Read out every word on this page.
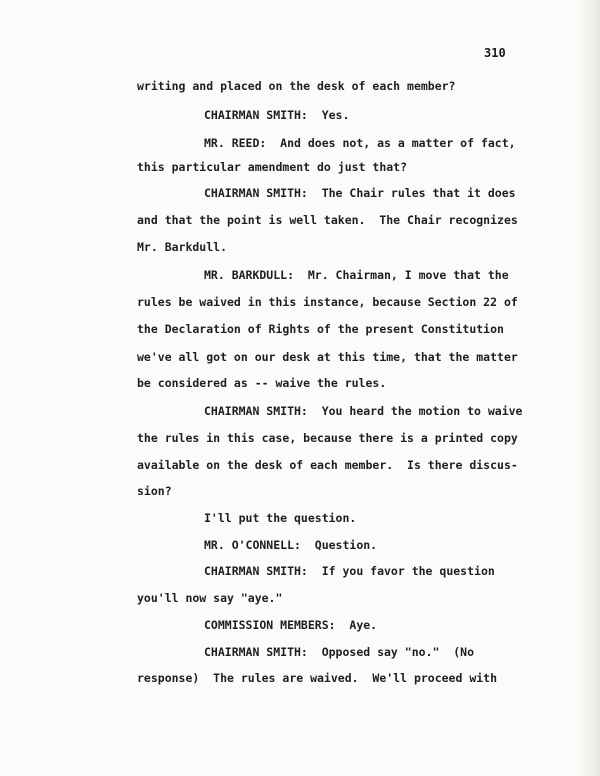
310

writing and placed on the desk of each member?

CHAIRMAN SMITH:  Yes.

MR. REED:  And does not, as a matter of fact,

this particular amendment do just that?

CHAIRMAN SMITH:  The Chair rules that it does

and that the point is well taken.  The Chair recognizes

Mr. Barkdull.

MR. BARKDULL:  Mr. Chairman, I move that the

rules be waived in this instance, because Section 22 of

the Declaration of Rights of the present Constitution

we've all got on our desk at this time, that the matter

be considered as -- waive the rules.

CHAIRMAN SMITH:  You heard the motion to waive

the rules in this case, because there is a printed copy

available on the desk of each member.  Is there discus-

sion?

I'll put the question.

MR. O'CONNELL:  Question.

CHAIRMAN SMITH:  If you favor the question

you'll now say "aye."

COMMISSION MEMBERS:  Aye.

CHAIRMAN SMITH:  Opposed say "no."  (No

response)  The rules are waived.  We'll proceed with
